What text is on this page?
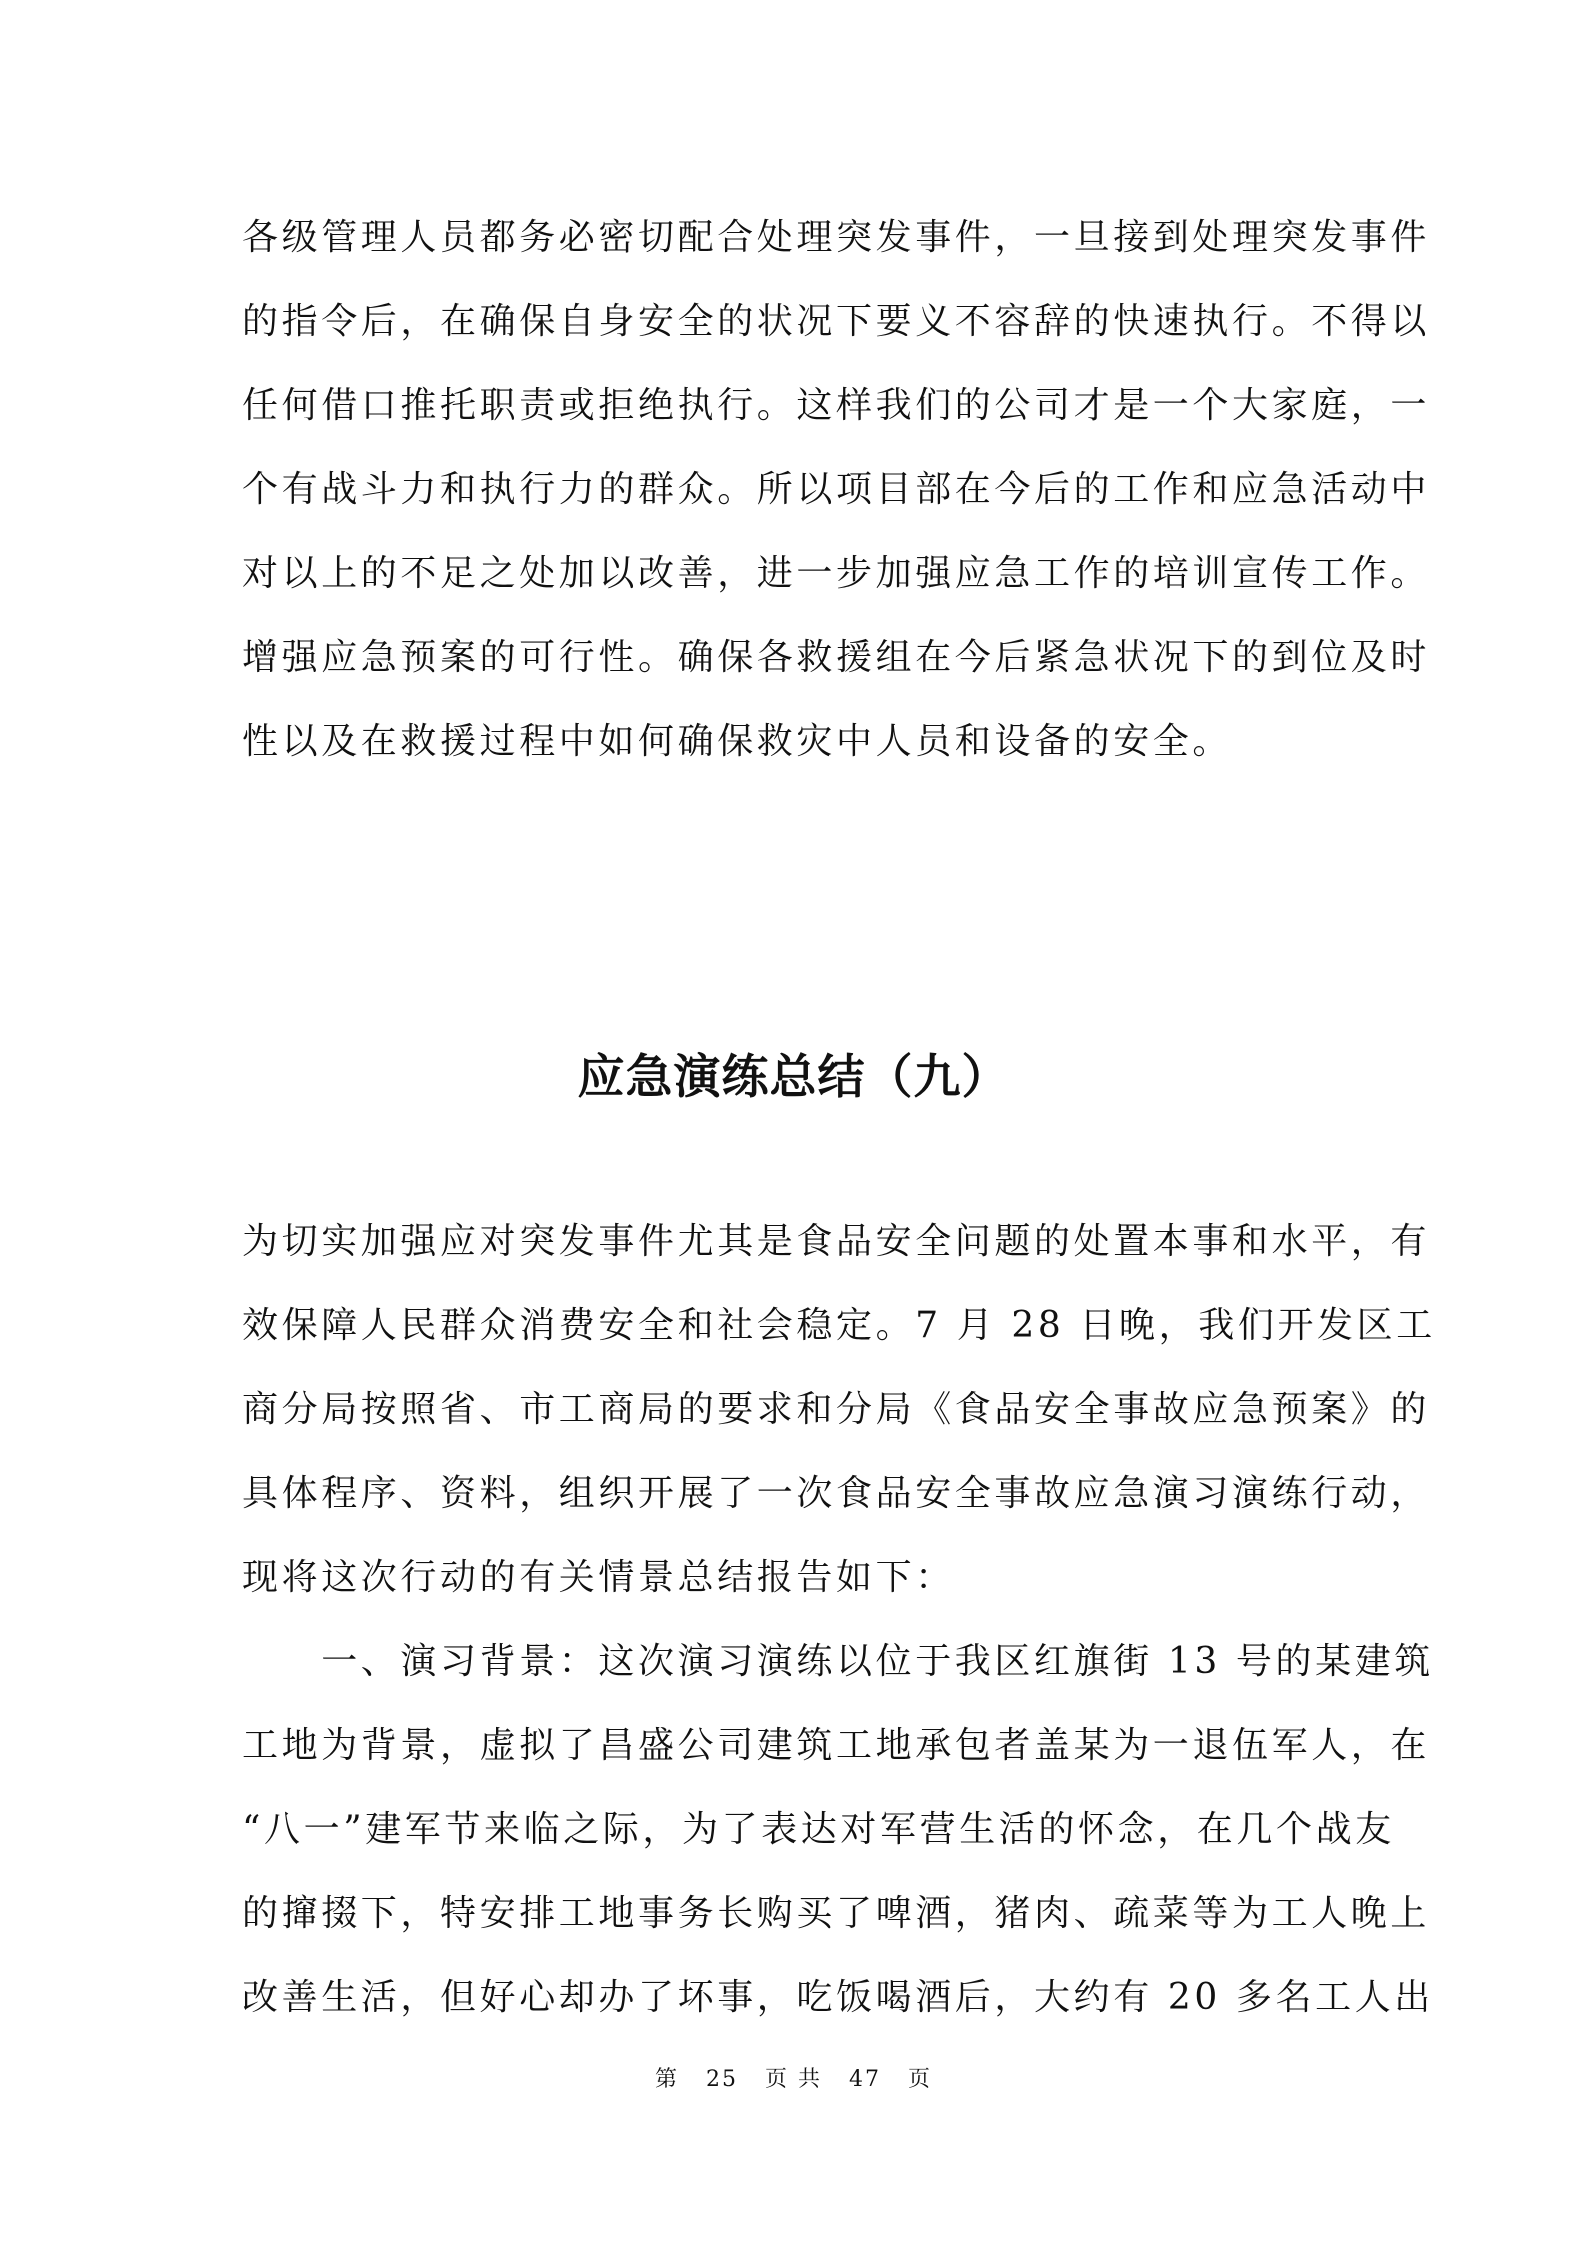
各级管理人员都务必密切配合处理突发事件，一旦接到处理突发事件
的指令后，在确保自身安全的状况下要义不容辞的快速执行。不得以
任何借口推托职责或拒绝执行。这样我们的公司才是一个大家庭，一
个有战斗力和执行力的群众。所以项目部在今后的工作和应急活动中
对以上的不足之处加以改善，进一步加强应急工作的培训宣传工作。
增强应急预案的可行性。确保各救援组在今后紧急状况下的到位及时
性以及在救援过程中如何确保救灾中人员和设备的安全。
应急演练总结（九）
为切实加强应对突发事件尤其是食品安全问题的处置本事和水平，有
效保障人民群众消费安全和社会稳定。7 月 28 日晚，我们开发区工
商分局按照省、市工商局的要求和分局《食品安全事故应急预案》的
具体程序、资料，组织开展了一次食品安全事故应急演习演练行动，
现将这次行动的有关情景总结报告如下：
　　一、演习背景：这次演习演练以位于我区红旗街 13 号的某建筑
工地为背景，虚拟了昌盛公司建筑工地承包者盖某为一退伍军人，在
“八一”建军节来临之际，为了表达对军营生活的怀念，在几个战友
的撺掇下，特安排工地事务长购买了啤酒，猪肉、疏菜等为工人晚上
改善生活，但好心却办了坏事，吃饭喝酒后，大约有 20 多名工人出
第 25 页 共 47 页
